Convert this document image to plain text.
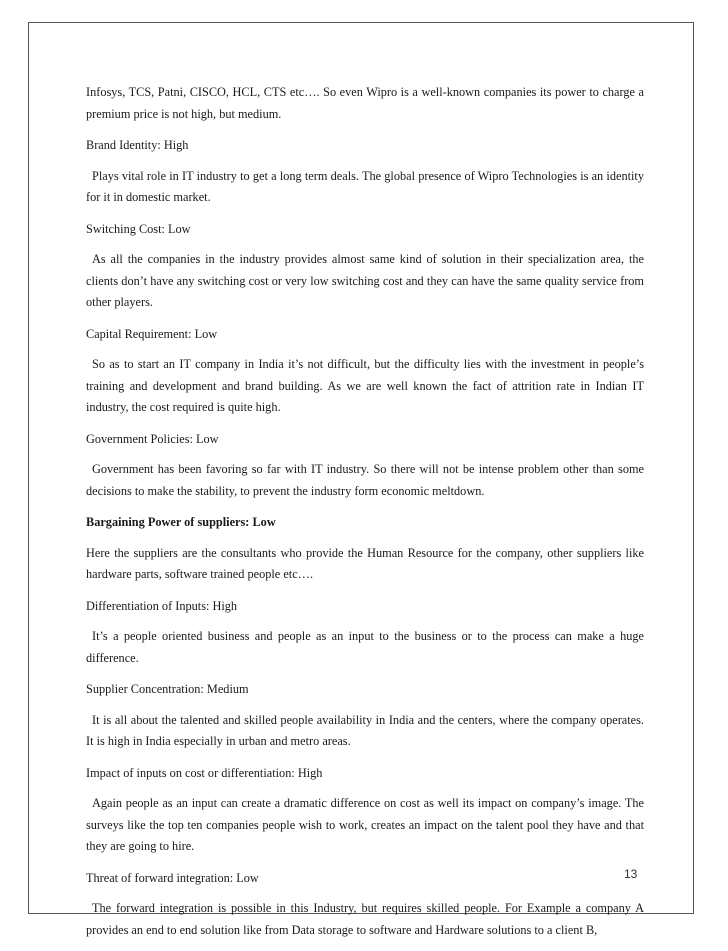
Infosys, TCS, Patni, CISCO, HCL, CTS etc…. So even Wipro is a well-known companies its power to charge a premium price is not high, but medium.

Brand Identity: High

Plays vital role in IT industry to get a long term deals. The global presence of Wipro Technologies is an identity for it in domestic market.

Switching Cost: Low

As all the companies in the industry provides almost same kind of solution in their specialization area, the clients don’t have any switching cost or very low switching cost and they can have the same quality service from other players.

Capital Requirement: Low

So as to start an IT company in India it’s not difficult, but the difficulty lies with the investment in people’s training and development and brand building. As we are well known the fact of attrition rate in Indian IT industry, the cost required is quite high.

Government Policies: Low

Government has been favoring so far with IT industry. So there will not be intense problem other than some decisions to make the stability, to prevent the industry form economic meltdown.

Bargaining Power of suppliers: Low

Here the suppliers are the consultants who provide the Human Resource for the company, other suppliers like hardware parts, software trained people etc….

Differentiation of Inputs: High

It’s a people oriented business and people as an input to the business or to the process can make a huge difference.

Supplier Concentration: Medium

It is all about the talented and skilled people availability in India and the centers, where the company operates. It is high in India especially in urban and metro areas.

Impact of inputs on cost or differentiation: High

Again people as an input can create a dramatic difference on cost as well its impact on company’s image. The surveys like the top ten companies people wish to work, creates an impact on the talent pool they have and that they are going to hire.

Threat of forward integration: Low

The forward integration is possible in this Industry, but requires skilled people. For Example a company A provides an end to end solution like from Data storage to software and Hardware solutions to a client B,

13
